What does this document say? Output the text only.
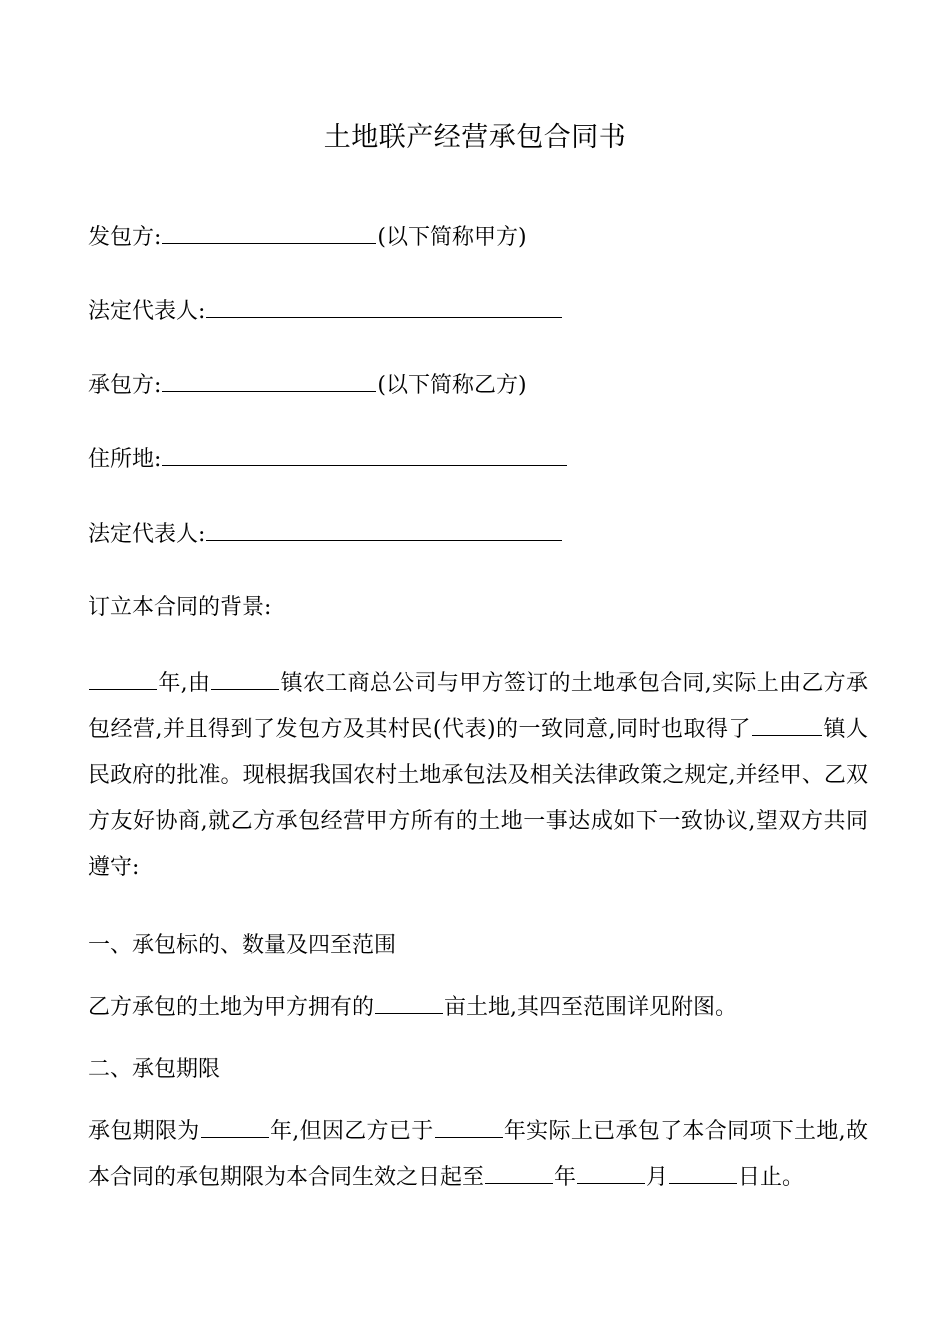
土地联产经营承包合同书
发包方:	(以下简称甲方)
法定代表人:
承包方:	(以下简称乙方)
住所地:
法定代表人:
订立本合同的背景:
年,由	镇农工商总公司与甲方签订的土地承包合同,实际上由乙方承包经营,并且得到了发包方及其村民(代表)的一致同意,同时也取得了	镇人民政府的批准。现根据我国农村土地承包法及相关法律政策之规定,并经甲、乙双方友好协商,就乙方承包经营甲方所有的土地一事达成如下一致协议,望双方共同遵守:
一、承包标的、数量及四至范围
乙方承包的土地为甲方拥有的	亩土地,其四至范围详见附图。
二、承包期限
承包期限为	年,但因乙方已于	年实际上已承包了本合同项下土地,故本合同的承包期限为本合同生效之日起至	年	月	日止。
